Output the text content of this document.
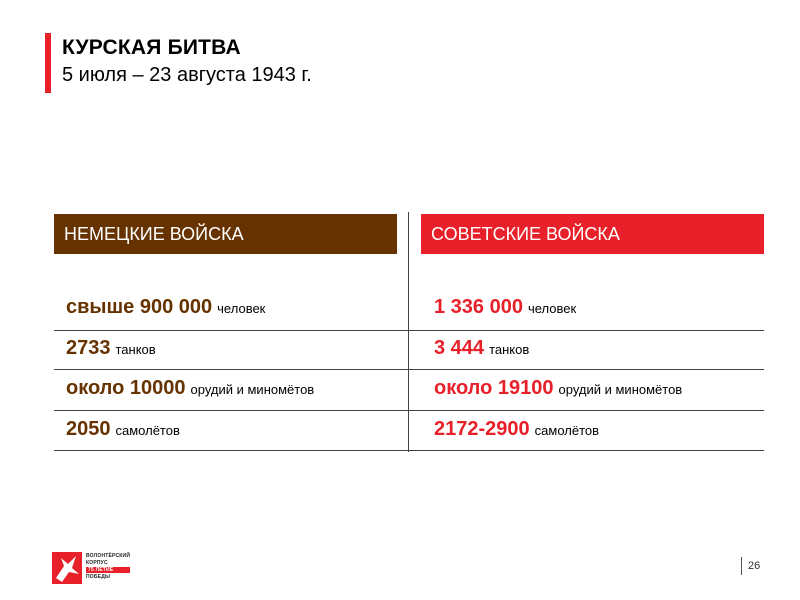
КУРСКАЯ БИТВА
5 июля – 23 августа 1943 г.
НЕМЕЦКИЕ ВОЙСКА	СОВЕТСКИЕ ВОЙСКА
свыше 900 000 человек
2733 танков
около 10000 орудий и миномётов
2050 самолётов
1 336 000 человек
3 444 танков
около 19100 орудий и миномётов
2172-2900 самолётов
ВОЛОНТЁРСКИЙ
КОРПУС
75 ЛЕТИЕ
ПОБЕДЫ
26
